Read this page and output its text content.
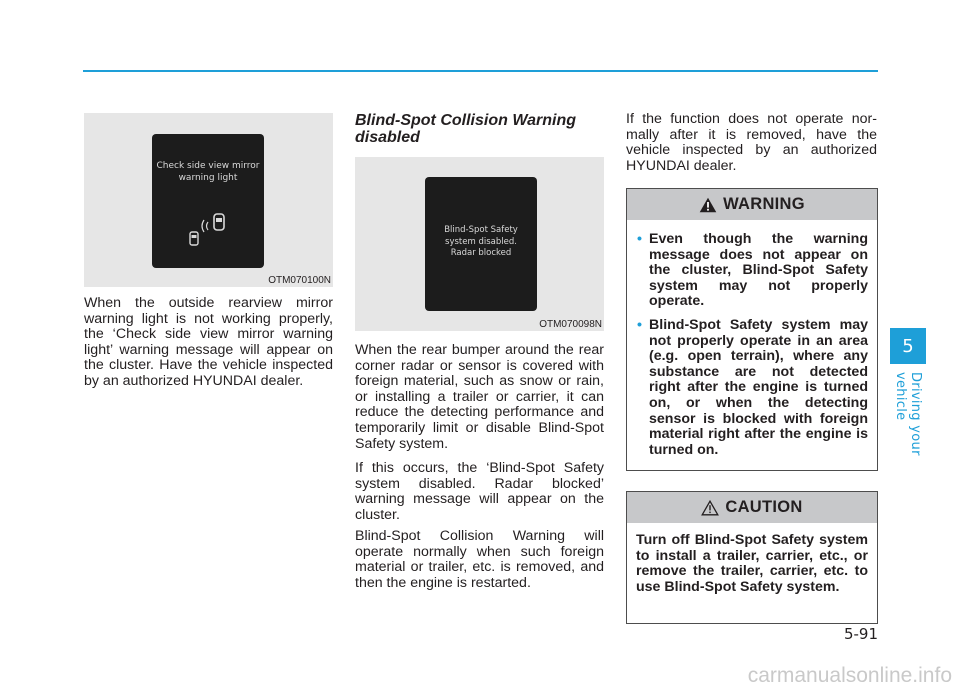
Check side view mirror
warning light
OTM070100N

When the outside rearview mirror warning light is not working properly, the ‘Check side view mirror warning light’ warning message will appear on the cluster. Have the vehicle inspected by an authorized HYUNDAI dealer.

Blind-Spot Collision Warning disabled
Blind-Spot Safety
system disabled.
Radar blocked
OTM070098N

When the rear bumper around the rear corner radar or sensor is covered with foreign material, such as snow or rain, or installing a trailer or carrier, it can reduce the detecting performance and temporarily limit or disable Blind-Spot Safety system.

If this occurs, the ‘Blind-Spot Safety system disabled. Radar blocked’ warning message will appear on the cluster.

Blind-Spot Collision Warning will operate normally when such foreign material or trailer, etc. is removed, and then the engine is restarted.

If the function does not operate normally after it is removed, have the vehicle inspected by an authorized HYUNDAI dealer.

WARNING
• Even though the warning message does not appear on the cluster, Blind-Spot Safety system may not properly operate.
• Blind-Spot Safety system may not properly operate in an area (e.g. open terrain), where any substance are not detected right after the engine is turned on, or when the detecting sensor is blocked with foreign material right after the engine is turned on.
CAUTION
Turn off Blind-Spot Safety system to install a trailer, carrier, etc., or remove the trailer, carrier, etc. to use Blind-Spot Safety system.
5
Driving your vehicle
5-91
carmanualsonline.info
